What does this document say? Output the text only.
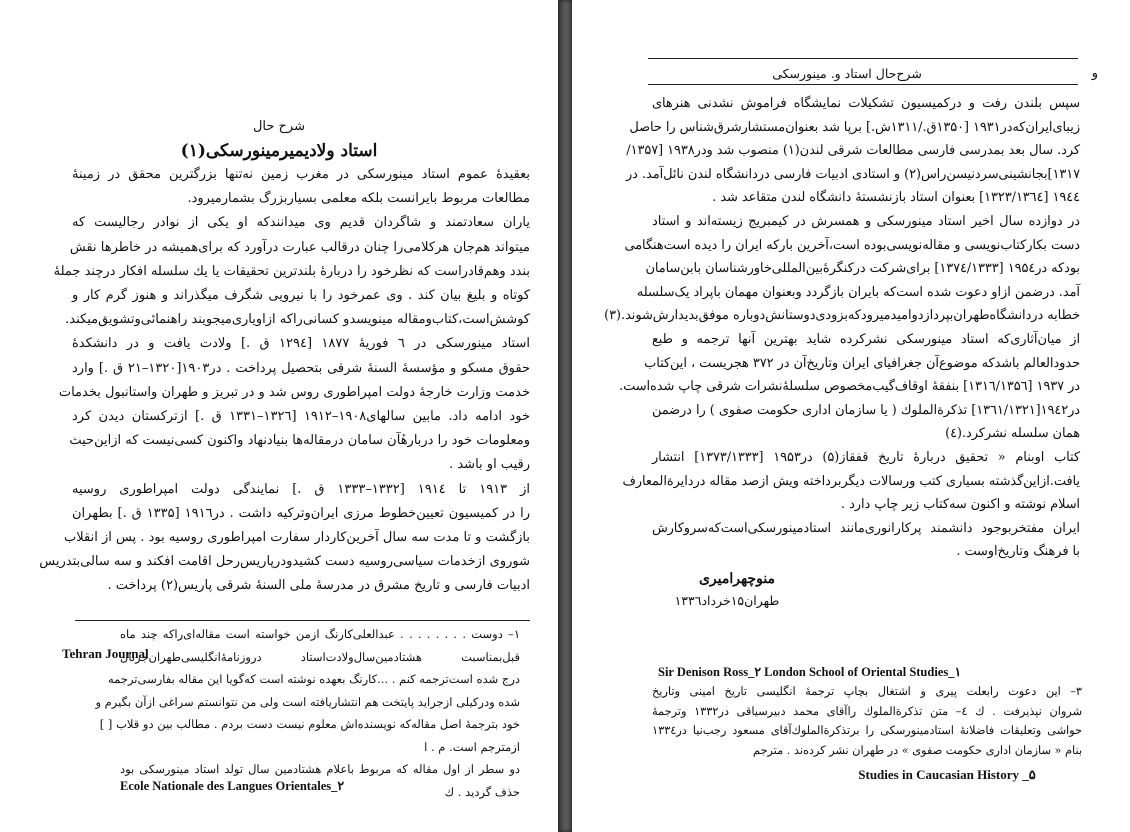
شرح حال
استاد ولادیمیرمینورسکی(۱)
بعقیدهٔ عموم استاد مینورسکی در مغرب زمین نه‌تنها بزرگترین محقق در زمینهٔ
مطالعات مربوط بایرانست بلکه معلمی بسیاربزرگ بشمارمیرود.
یاران سعادتمند و شاگردان قدیم وی میدانندکه او یکی از نوادر رجالیست که
میتواند هم‌جان هرکلامی‌را چنان درقالب عبارت درآورد که برای‌همیشه در خاطرها نقش
بندد وهم‌قادراست که نظرخود را دربارهٔ بلندترین تحقیقات یا یك سلسله افکار درچند جملهٔ
کوتاه و بلیغ بیان کند . وی عمرخود را با نیرویی شگرف میگذراند و هنوز گرم کار و
کوشش‌است،کتاب‌ومقاله مینویسدو کسانی‌راکه ازاویاری‌میجویند راهنمائی‌وتشویق‌میکند.
استاد مینورسکی در ٦ فوریهٔ ۱۸۷۷ [۱۲۹٤ ق .] ولادت یافت و در دانشکدهٔ
حقوق مسکو و مؤسسهٔ السنهٔ شرقی بتحصیل پرداخت . در۱۹۰۳[۱۳۲۰–۲۱ ق .] وارد
خدمت وزارت خارجهٔ دولت امپراطوری روس شد و در تبریز و طهران واستانبول بخدمات
خود ادامه داد. مابین سالهای۱۹۰۸–۱۹۱۲ [۱۳۲٦–۱۳۳۱ ق .] ازترکستان دیدن کرد
ومعلومات خود را دربارهٔآن سامان درمقاله‌ها بنیادنهاد واکنون کسی‌نیست که ازاین‌حیث
رقیب او باشد .
از ۱۹۱۳ تا ۱۹۱٤ [۱۳۳۲–۱۳۳۳ ق .] نمایندگی دولت امپراطوری روسیه
را در کمیسیون تعیین‌خطوط مرزی ایران‌وترکیه داشت . در۱۹۱٦ [۱۳۳۵ ق .] بطهران
بازگشت و تا مدت سه سال آخرین‌کاردار سفارت امپراطوری روسیه بود . پس از انقلاب
شوروی ازخدمات سیاسی‌روسیه دست کشیدودرپاریس‌رحل اقامت افکند و سه سالی‌بتدریس
ادبیات فارسی و تاریخ مشرق در مدرسهٔ ملی السنهٔ شرقی پاریس(۲) پرداخت .
۱– دوست . . . . . . . . عبدالعلی‌کارنگ ازمن خواسته است مقاله‌ای‌راکه چند ماه
قبل‌بمناسبت هشتادمین‌سال‌ولادت‌استاد دروزنامهٔ‌انگلیسی‌طهران‌جرنال
درج شده است‌ترجمه کنم . ...کارنگ بعهده نوشته است که‌گویا این مقاله بفارسی‌ترجمه
شده ودرکیلی ازجراید پایتخت هم انتشاریافته است ولی من نتوانستم سراغی ازآن بگیرم و
خود بترجمهٔ اصل مقاله‌که نویسنده‌اش معلوم نیست دست بردم . مطالب بین دو قلاب [ ]
ازمترجم است. م . ا
دو سطر از اول مقاله که مربوط باعلام هشتادمین سال تولد استاد مینورسکی بود
حذف گردید . ك
Tehran Journal
Ecole Nationale des Langues Orientales_۲
و
شرح‌حال استاد و. مینورسکی
سپس بلندن رفت و درکمیسیون تشکیلات نمایشگاه فراموش نشدنی هنرهای
زیبای‌ایران‌که‌در۱۹۳۱ [۱۳۵۰ق./۱۳۱۱ش.] برپا شد بعنوان‌مستشارشرق‌شناس را حاصل
کرد. سال بعد بمدرسی فارسی مطالعات شرقی لندن(۱) منصوب شد ودر۱۹۳۸ [۱۳۵۷/
۱۳۱۷]بجانشینی‌سردنیسن‌راس(۲) و استادی ادبیات فارسی دردانشگاه لندن نائل‌آمد. در
۱۹٤٤ [۱۳٦٤/۱۳۲۳] بعنوان استاد بازنشستهٔ دانشگاه لندن متقاعد شد .
در دوازده سال اخیر استاد مینورسکی و همسرش در کیمبریج زیسته‌اند و استاد
دست بکار‌کتاب‌نویسی و مقاله‌نویسی‌بوده است،آخرین بار‌که ایران را دیده است‌هنگامی
بودکه در۱۹۵٤ [۱۳۷٤/۱۳۳۳] برای‌شرکت در‌کنگرهٔ‌بین‌المللی‌خاورشناسان بابن‌سامان
آمد. درضمن ازاو دعوت شده است‌که بایران بازگردد وبعنوان مهمان باپراد یک‌سلسله
خطابه دردانشگاه‌طهران‌بپردازدوامیدمیرودکه‌بزودی‌دوستانش‌دوباره موفق‌بدیدارش‌شوند.(۳)
از میان‌آثاری‌که استاد مینورسکی نشر‌کرده شاید بهترین آنها ترجمه و طبع
حدودالعالم باشدکه موضوع‌آن جغرافیای ایران وتاریخ‌آن در ۳۷۲ هجریست ، این‌کتاب
در ۱۹۳۷ [۱۳۱٦/۱۳۵٦] بنفقهٔ اوقاف‌گیب‌مخصوص سلسلهٔ‌نشرات شرقی چاپ شده‌است.
در۱۹٤۲[۱۳٦۱/۱۳۲۱] تذکرةالملوك ( یا سازمان اداری حکومت صفوی ) را درضمن
همان سلسله نشر‌کرد.(٤)
کتاب اوبنام « تحقیق دربارهٔ تاریخ قفقاز(۵) در۱۹۵۳ [۱۳۷۳/۱۳۳۳] انتشار
یافت.ازاین‌گذشته بسیاری کتب ورسالات دیگربرداخته ویش ازصد مقاله دردایرةالمعارف
اسلام نوشته و اکنون سه‌کتاب زیر چاپ دارد .
ایران مفتخربوجود دانشمند پرکارانوری‌مانند استادمینورسکی‌است‌که‌سرو‌کارش
با فرهنگ وتاریخ‌اوست .
منوچهرامیری
طهران۱۵خرداد۱۳۳٦
Sir Denison Ross_۲ London School of Oriental Studies_۱
۳– این دعوت رابعلت پیری و اشتغال بچاپ ترجمهٔ انگلیسی تاریخ امینی وتاریخ
شروان نپذیرفت . ك ٤– متن تذکرةالملوك راآقای محمد دبیرسیاقی در۱۳۳۲ وترجمهٔ
حواشی وتعلیقات فاضلانهٔ استادمینورسکی را برتذکرةالملوك‌آقای مسعود رجب‌نیا در۱۳۳٤
بنام « سازمان اداری حکومت صفوی » در طهران نشر کرده‌ند . مترجم
Studies in Caucasian History _۵
